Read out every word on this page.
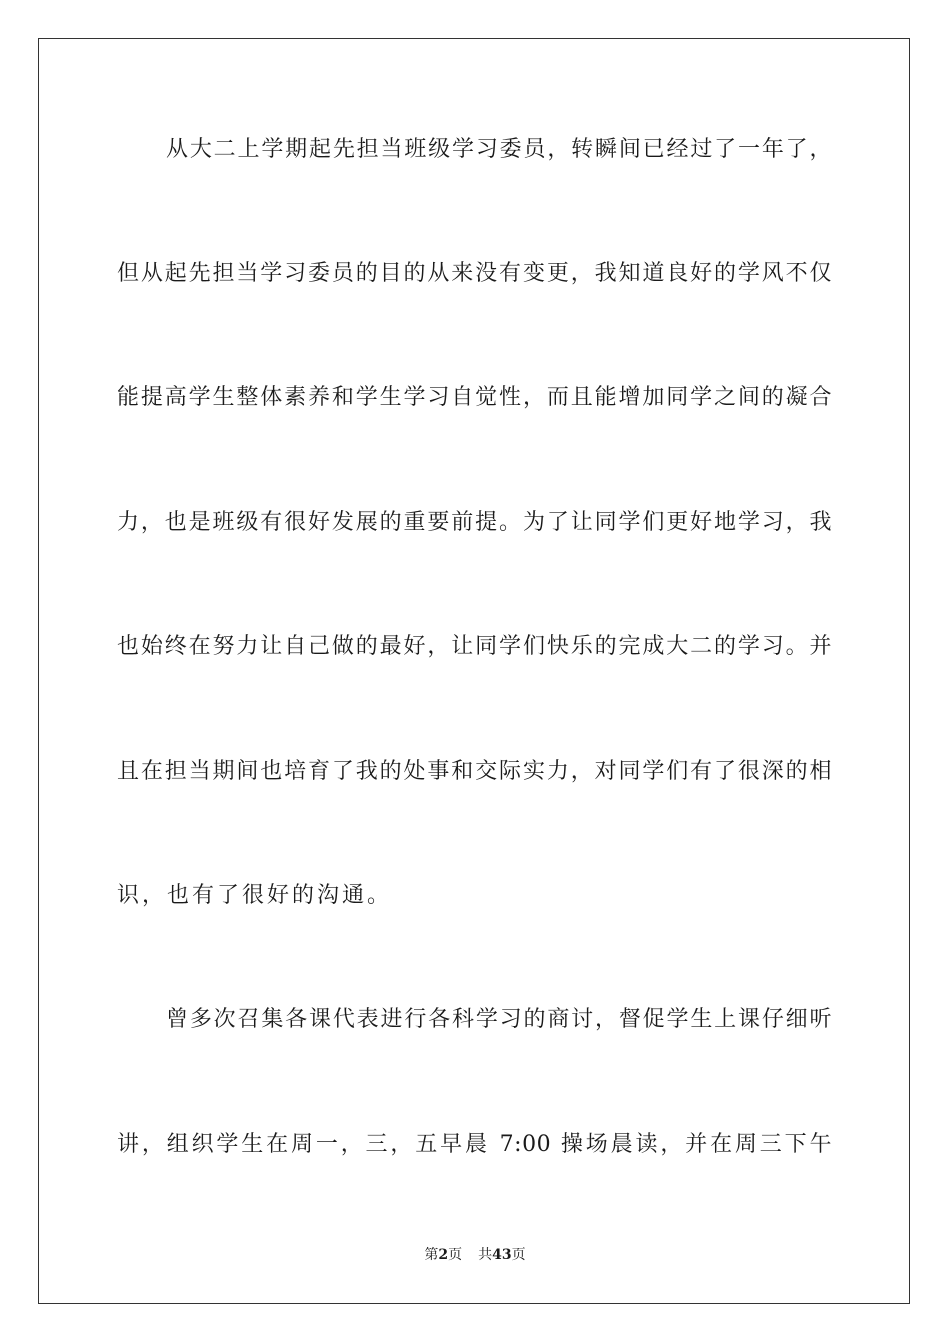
从大二上学期起先担当班级学习委员，转瞬间已经过了一年了，
但从起先担当学习委员的目的从来没有变更，我知道良好的学风不仅
能提高学生整体素养和学生学习自觉性，而且能增加同学之间的凝合
力，也是班级有很好发展的重要前提。为了让同学们更好地学习，我
也始终在努力让自己做的最好，让同学们快乐的完成大二的学习。并
且在担当期间也培育了我的处事和交际实力，对同学们有了很深的相
识，也有了很好的沟通。
曾多次召集各课代表进行各科学习的商讨，督促学生上课仔细听
讲，组织学生在周一，三，五早晨 7:00 操场晨读，并在周三下午
第2页 共43页
